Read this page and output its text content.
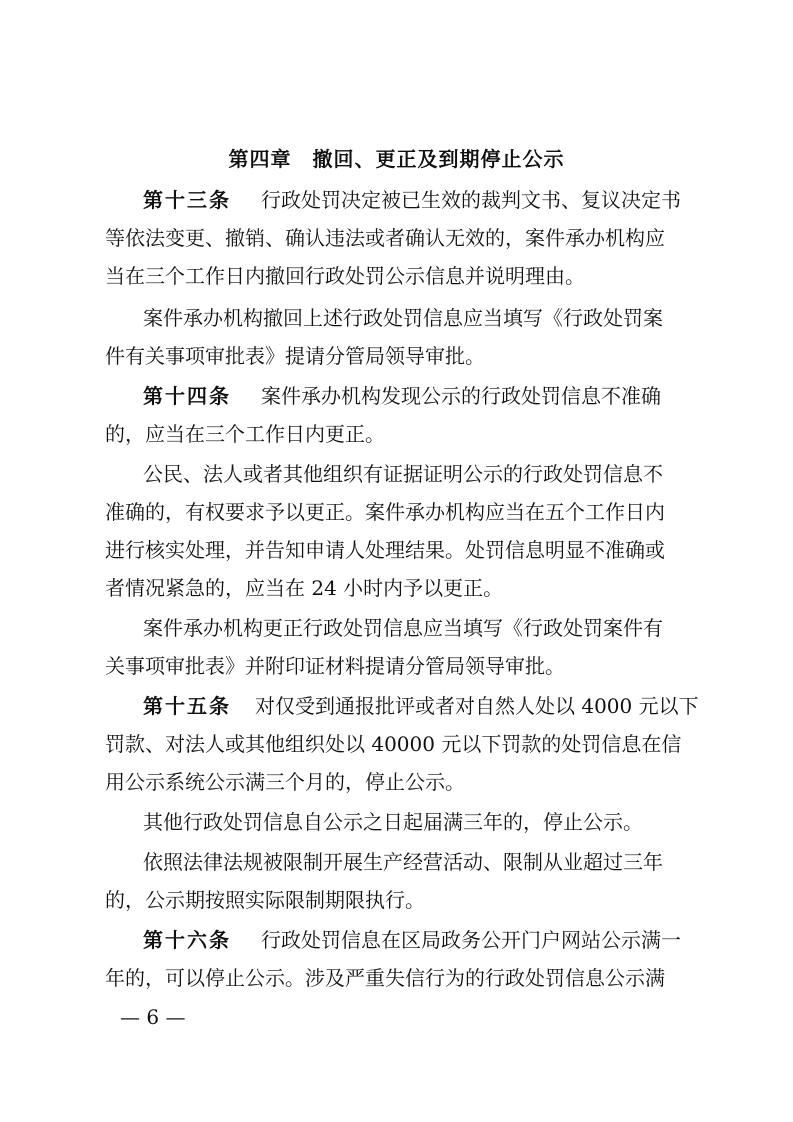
第四章　撤回、更正及到期停止公示
第十三条 行政处罚决定被已生效的裁判文书、复议决定书
等依法变更、撤销、确认违法或者确认无效的，案件承办机构应
当在三个工作日内撤回行政处罚公示信息并说明理由。
案件承办机构撤回上述行政处罚信息应当填写《行政处罚案
件有关事项审批表》提请分管局领导审批。
第十四条 案件承办机构发现公示的行政处罚信息不准确
的，应当在三个工作日内更正。
公民、法人或者其他组织有证据证明公示的行政处罚信息不
准确的，有权要求予以更正。案件承办机构应当在五个工作日内
进行核实处理，并告知申请人处理结果。处罚信息明显不准确或
者情况紧急的，应当在 24 小时内予以更正。
案件承办机构更正行政处罚信息应当填写《行政处罚案件有
关事项审批表》并附印证材料提请分管局领导审批。
第十五条 对仅受到通报批评或者对自然人处以 4000 元以下
罚款、对法人或其他组织处以 40000 元以下罚款的处罚信息在信
用公示系统公示满三个月的，停止公示。
其他行政处罚信息自公示之日起届满三年的，停止公示。
依照法律法规被限制开展生产经营活动、限制从业超过三年
的，公示期按照实际限制期限执行。
第十六条 行政处罚信息在区局政务公开门户网站公示满一
年的，可以停止公示。涉及严重失信行为的行政处罚信息公示满
— 6 —
